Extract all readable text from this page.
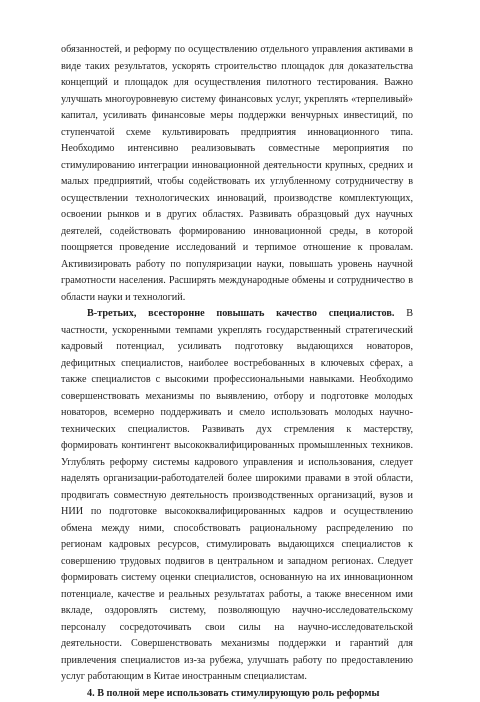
обязанностей, и реформу по осуществлению отдельного управления активами в виде таких результатов, ускорять строительство площадок для доказательства концепций и площадок для осуществления пилотного тестирования. Важно улучшать многоуровневую систему финансовых услуг, укреплять «терпеливый» капитал, усиливать финансовые меры поддержки венчурных инвестиций, по ступенчатой схеме культивировать предприятия инновационного типа. Необходимо интенсивно реализовывать совместные мероприятия по стимулированию интеграции инновационной деятельности крупных, средних и малых предприятий, чтобы содействовать их углубленному сотрудничеству в осуществлении технологических инноваций, производстве комплектующих, освоении рынков и в других областях. Развивать образцовый дух научных деятелей, содействовать формированию инновационной среды, в которой поощряется проведение исследований и терпимое отношение к провалам. Активизировать работу по популяризации науки, повышать уровень научной грамотности населения. Расширять международные обмены и сотрудничество в области науки и технологий.

В-третьих, всесторонне повышать качество специалистов. В частности, ускоренными темпами укреплять государственный стратегический кадровый потенциал, усиливать подготовку выдающихся новаторов, дефицитных специалистов, наиболее востребованных в ключевых сферах, а также специалистов с высокими профессиональными навыками. Необходимо совершенствовать механизмы по выявлению, отбору и подготовке молодых новаторов, всемерно поддерживать и смело использовать молодых научно-технических специалистов. Развивать дух стремления к мастерству, формировать контингент высококвалифицированных промышленных техников. Углублять реформу системы кадрового управления и использования, следует наделять организации-работодателей более широкими правами в этой области, продвигать совместную деятельность производственных организаций, вузов и НИИ по подготовке высококвалифицированных кадров и осуществлению обмена между ними, способствовать рациональному распределению по регионам кадровых ресурсов, стимулировать выдающихся специалистов к совершению трудовых подвигов в центральном и западном регионах. Следует формировать систему оценки специалистов, основанную на их инновационном потенциале, качестве и реальных результатах работы, а также внесенном ими вкладе, оздоровлять систему, позволяющую научно-исследовательскому персоналу сосредоточивать свои силы на научно-исследовательской деятельности. Совершенствовать механизмы поддержки и гарантий для привлечения специалистов из-за рубежа, улучшать работу по предоставлению услуг работающим в Китае иностранным специалистам.

4. В полной мере использовать стимулирующую роль реформы
